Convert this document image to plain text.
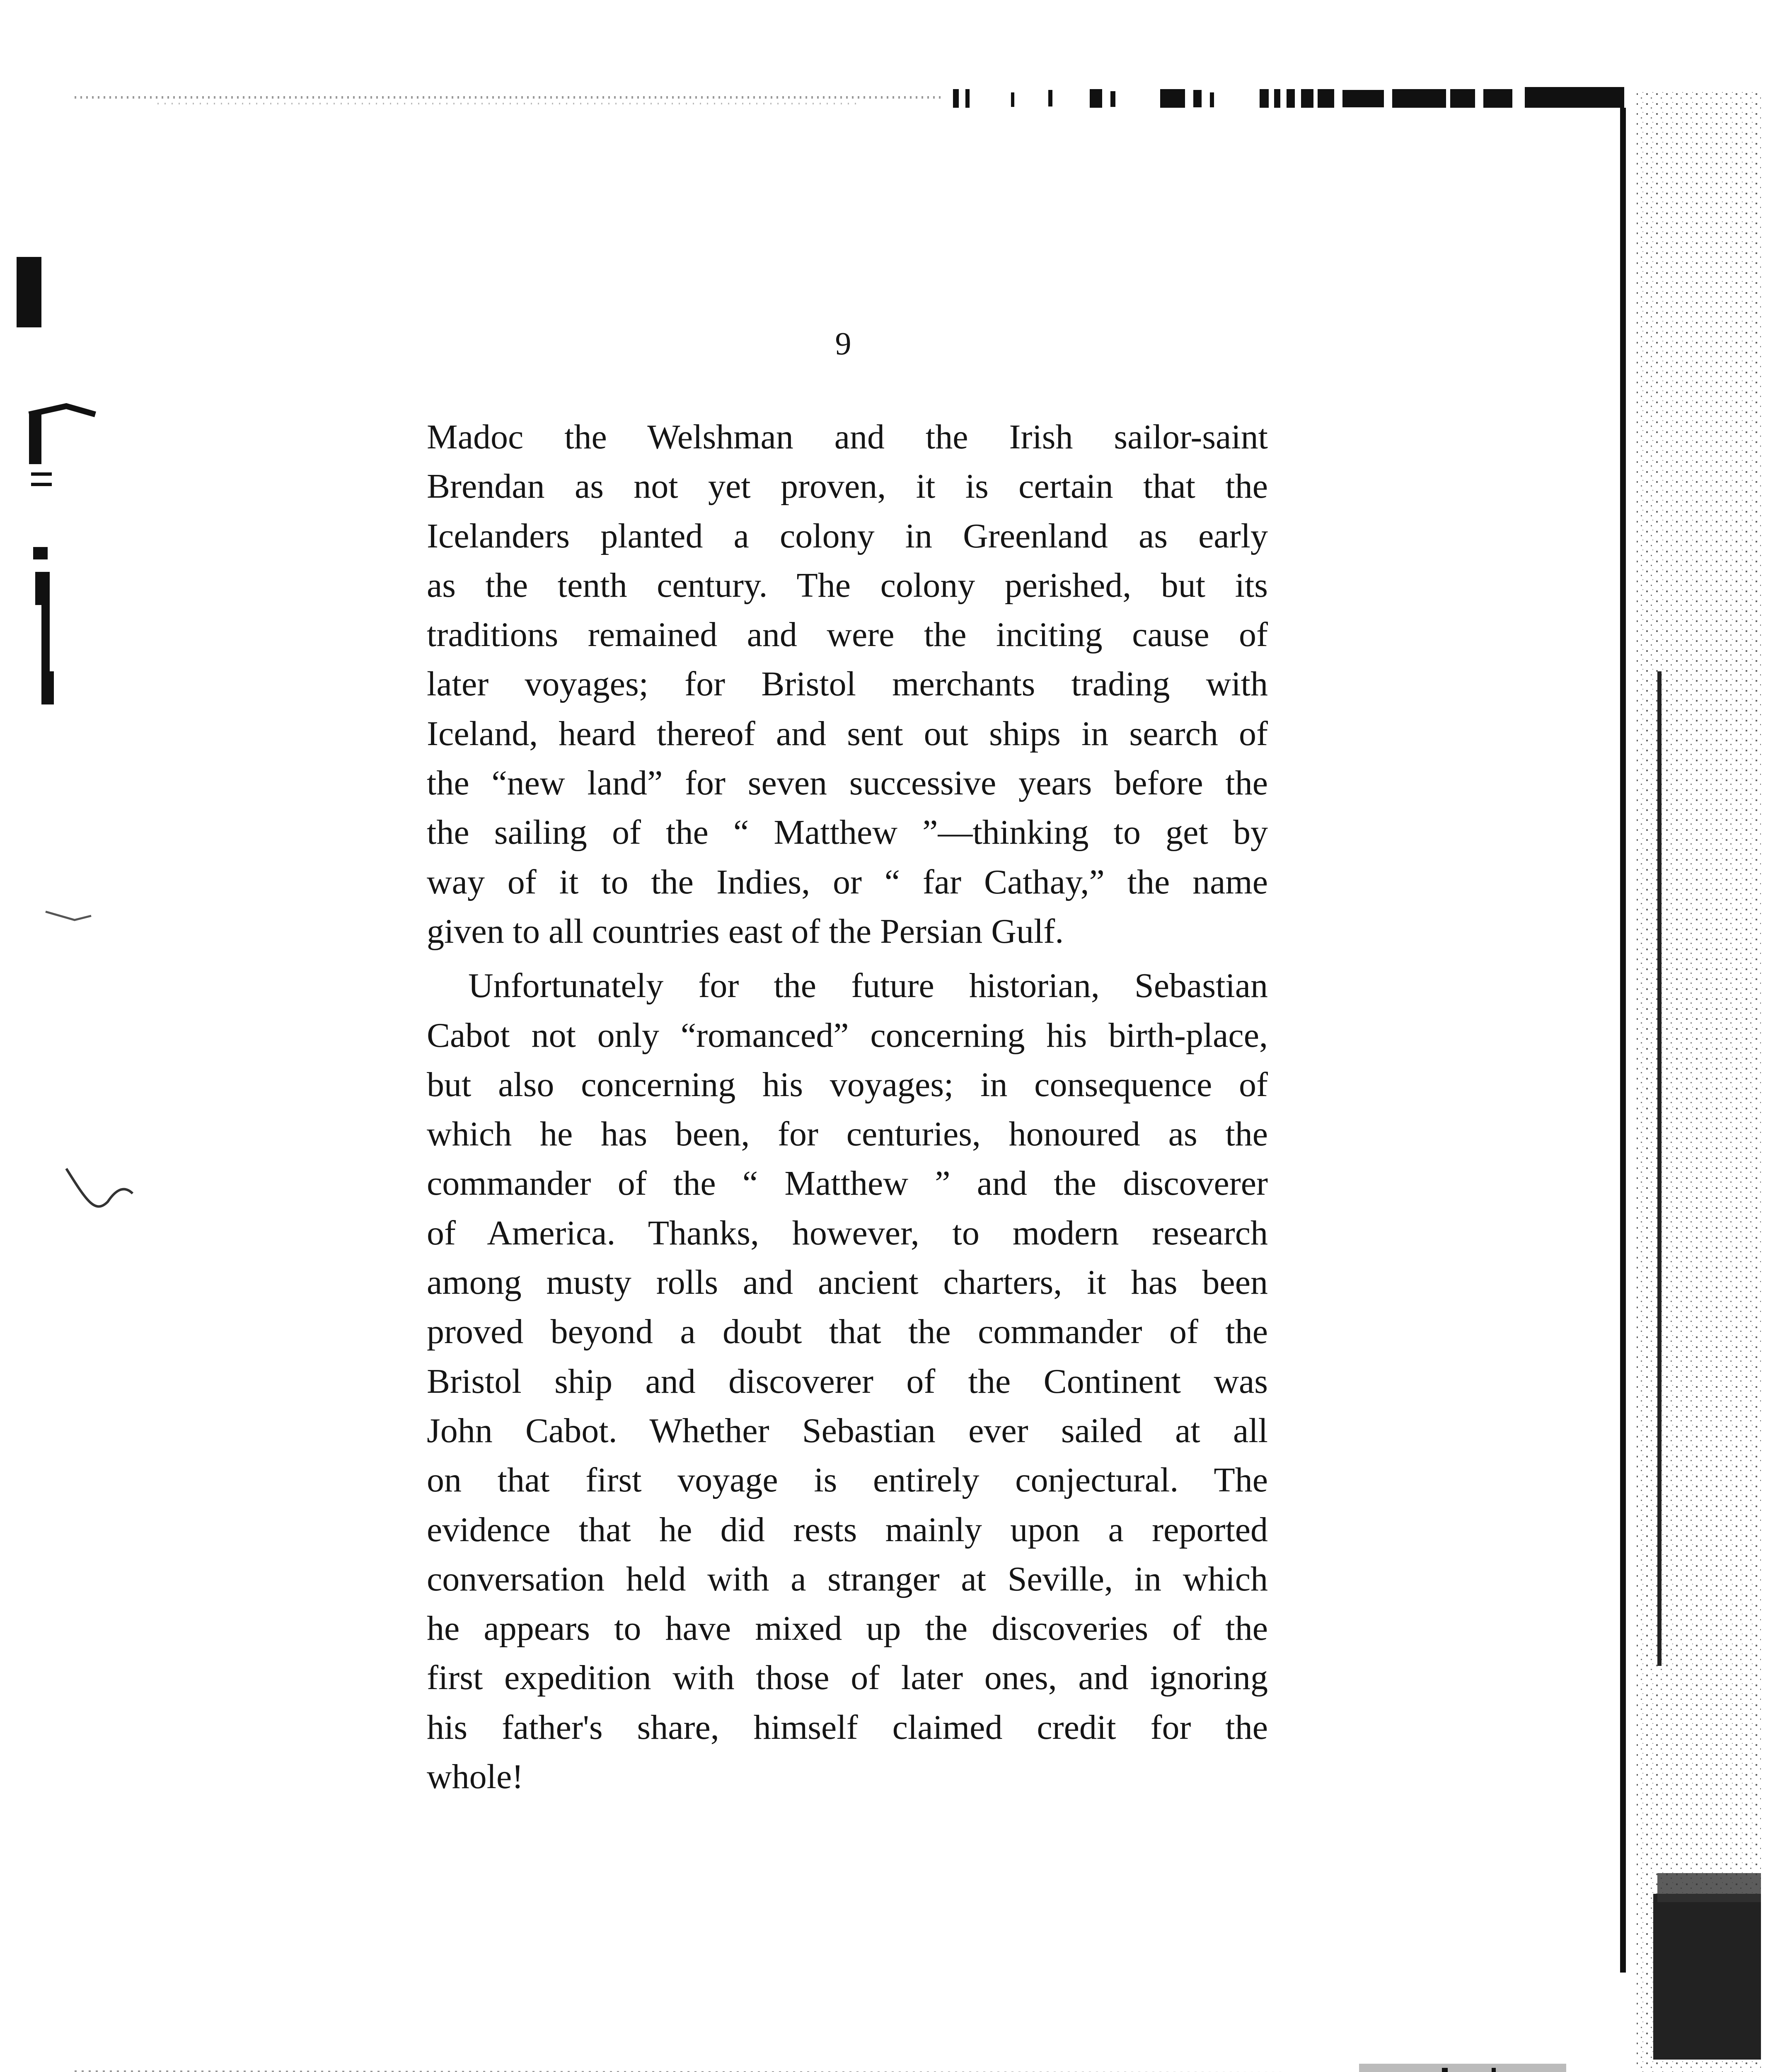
9
Madoc the Welshman and the Irish sailor-saint
Brendan as not yet proven, it is certain that the
Icelanders planted a colony in Greenland as early
as the tenth century. The colony perished, but its
traditions remained and were the inciting cause of
later voyages; for Bristol merchants trading with
Iceland, heard thereof and sent out ships in search of
the “new land” for seven successive years before the
the sailing of the “ Matthew ”—thinking to get by
way of it to the Indies, or “ far Cathay,” the name
given to all countries east of the Persian Gulf.
Unfortunately for the future historian, Sebastian
Cabot not only “romanced” concerning his birth-place,
but also concerning his voyages; in consequence of
which he has been, for centuries, honoured as the
commander of the “ Matthew ” and the discoverer
of America. Thanks, however, to modern research
among musty rolls and ancient charters, it has been
proved beyond a doubt that the commander of the
Bristol ship and discoverer of the Continent was
John Cabot. Whether Sebastian ever sailed at all
on that first voyage is entirely conjectural. The
evidence that he did rests mainly upon a reported
conversation held with a stranger at Seville, in which
he appears to have mixed up the discoveries of the
first expedition with those of later ones, and ignoring
his father's share, himself claimed credit for the
whole!
